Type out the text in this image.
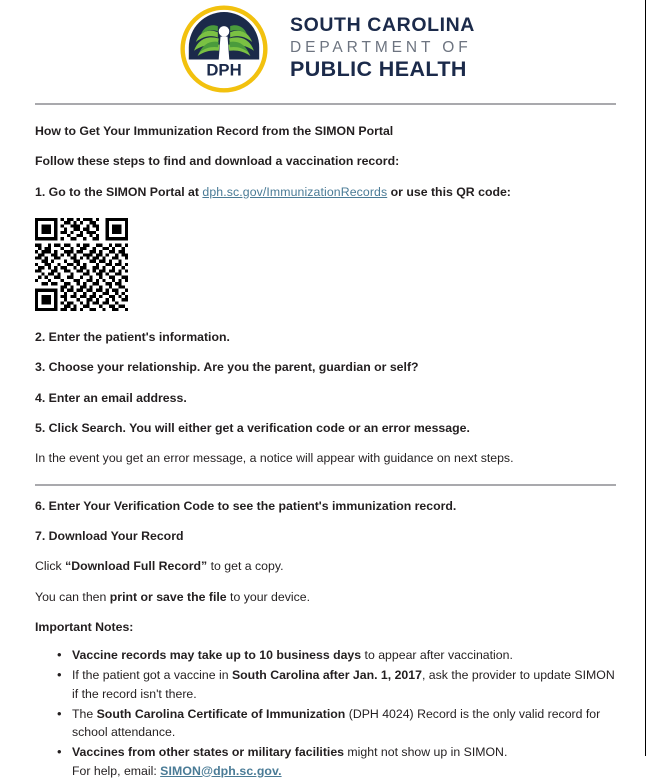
DPH
SOUTH CAROLINA
DEPARTMENT OF
PUBLIC HEALTH

How to Get Your Immunization Record from the SIMON Portal

Follow these steps to find and download a vaccination record:

1. Go to the SIMON Portal at dph.sc.gov/ImmunizationRecords or use this QR code:

2. Enter the patient's information.

3. Choose your relationship. Are you the parent, guardian or self?

4. Enter an email address.

5. Click Search. You will either get a verification code or an error message.

In the event you get an error message, a notice will appear with guidance on next steps.

6. Enter Your Verification Code to see the patient's immunization record.

7. Download Your Record

Click “Download Full Record” to get a copy.

You can then print or save the file to your device.

Important Notes:

• Vaccine records may take up to 10 business days to appear after vaccination.
• If the patient got a vaccine in South Carolina after Jan. 1, 2017, ask the provider to update SIMON if the record isn't there.
• The South Carolina Certificate of Immunization (DPH 4024) Record is the only valid record for school attendance.
• Vaccines from other states or military facilities might not show up in SIMON.
For help, email: SIMON@dph.sc.gov.
